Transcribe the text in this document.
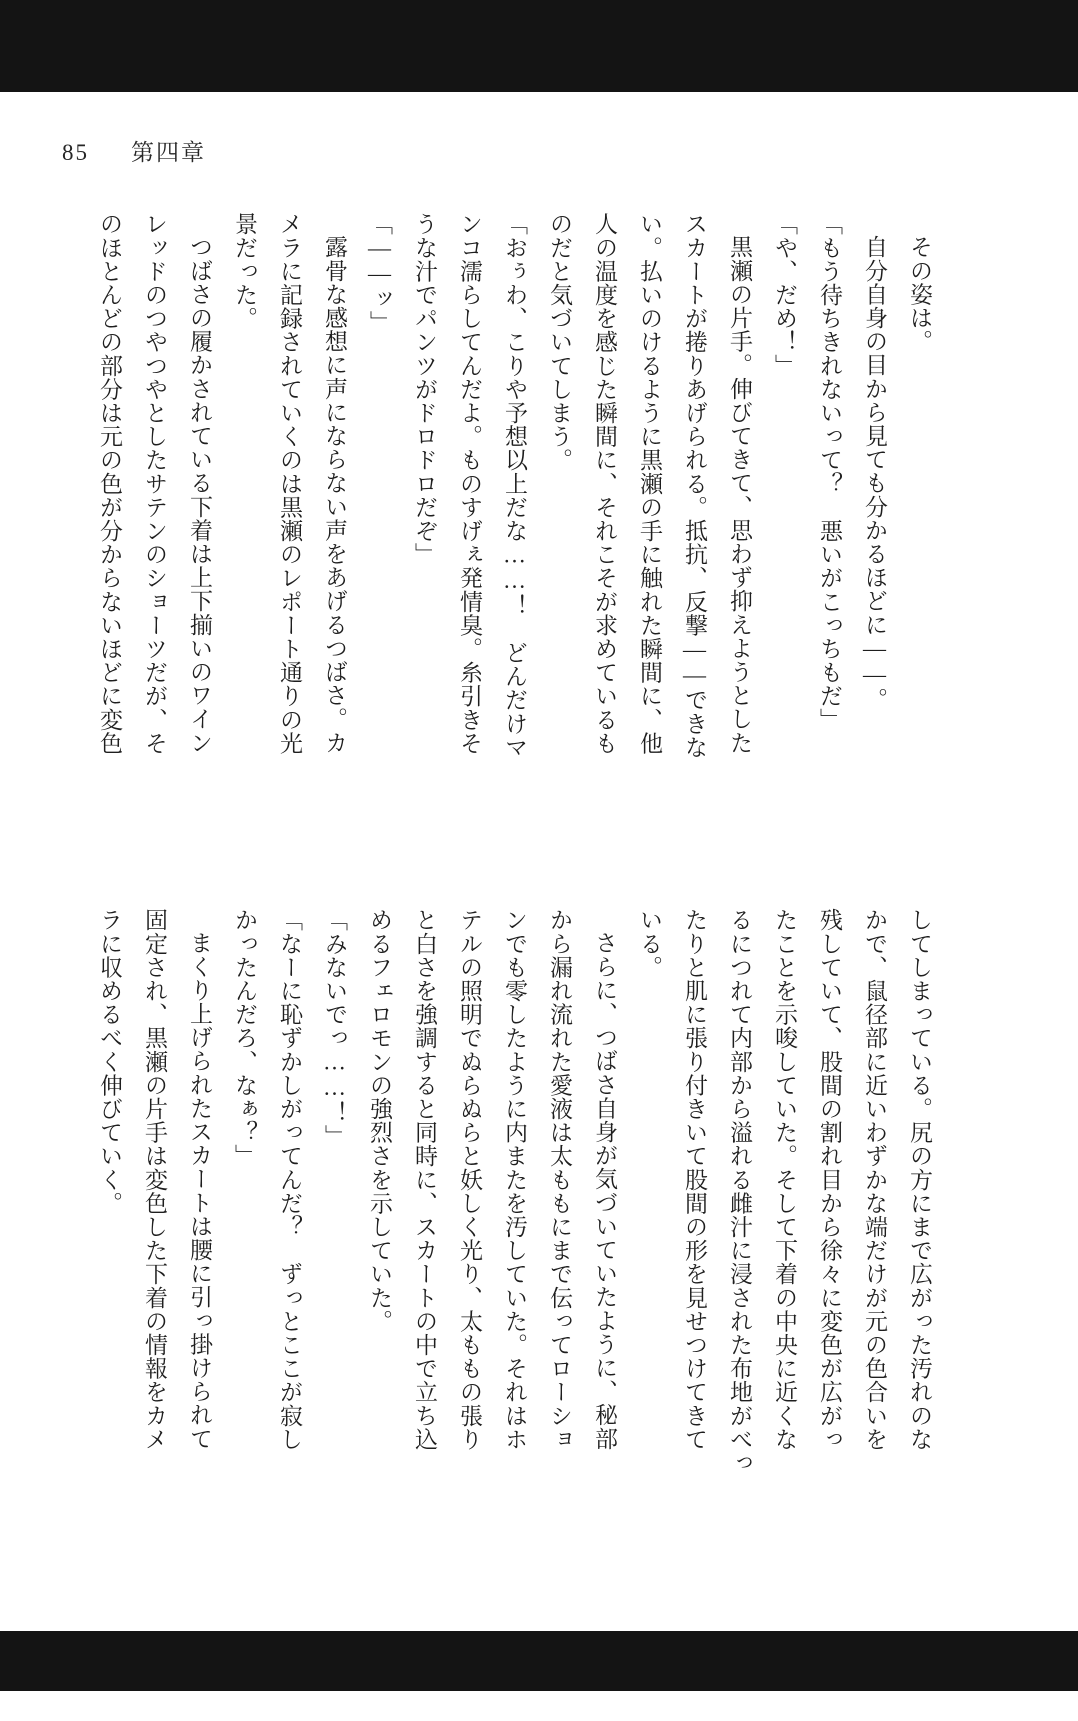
85 第四章
その姿は。
自分自身の目から見ても分かるほどに――。
「もう待ちきれないって？　悪いがこっちもだ」
「や、だめ！」
黒瀬の片手。伸びてきて、思わず抑えようとした
スカートが捲りあげられる。抵抗、反撃――できな
い。払いのけるように黒瀬の手に触れた瞬間に、他
人の温度を感じた瞬間に、それこそが求めているも
のだと気づいてしまう。
「おぅわ、こりや予想以上だな……！　どんだけマ
ンコ濡らしてんだよ。ものすげぇ発情臭。糸引きそ
うな汁でパンツがドロドロだぞ」
「――ッ」
露骨な感想に声にならない声をあげるつばさ。カ
メラに記録されていくのは黒瀬のレポート通りの光
景だった。
つばさの履かされている下着は上下揃いのワイン
レッドのつやつやとしたサテンのショーツだが、そ
のほとんどの部分は元の色が分からないほどに変色
してしまっている。尻の方にまで広がった汚れのな
かで、鼠径部に近いわずかな端だけが元の色合いを
残していて、股間の割れ目から徐々に変色が広がっ
たことを示唆していた。そして下着の中央に近くな
るにつれて内部から溢れる雌汁に浸された布地がべっ
たりと肌に張り付きいて股間の形を見せつけてきて
いる。
さらに、つばさ自身が気づいていたように、秘部
から漏れ流れた愛液は太ももにまで伝ってローショ
ンでも零したように内またを汚していた。それはホ
テルの照明でぬらぬらと妖しく光り、太ももの張り
と白さを強調すると同時に、スカートの中で立ち込
めるフェロモンの強烈さを示していた。
「みないでっ……！」
「なーに恥ずかしがってんだ？　ずっとここが寂し
かったんだろ、なぁ？」
まくり上げられたスカートは腰に引っ掛けられて
固定され、黒瀬の片手は変色した下着の情報をカメ
ラに収めるべく伸びていく。
